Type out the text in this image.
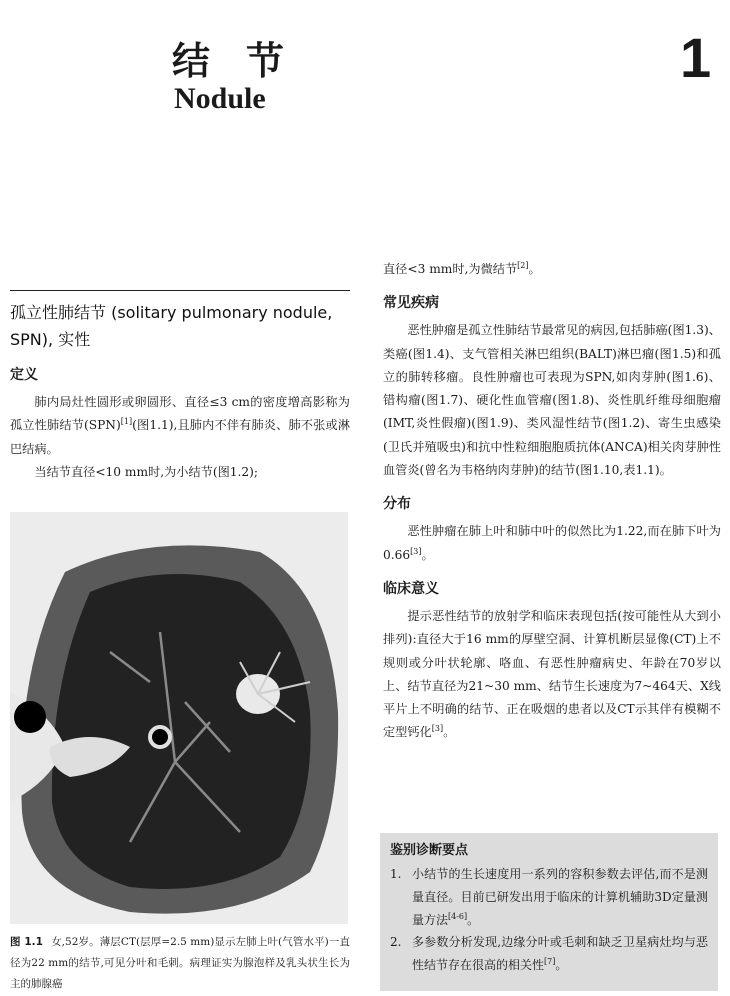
结节
Nodule
1
孤立性肺结节 (solitary pulmonary nodule, SPN), 实性
定义

肺内局灶性圆形或卵圆形、直径≤3 cm的密度增高影称为孤立性肺结节(SPN)[1](图1.1),且肺内不伴有肺炎、肺不张或淋巴结病。

当结节直径<10 mm时,为小结节(图1.2);

图 1.1 女,52岁。薄层CT(层厚=2.5 mm)显示左肺上叶(气管水平)一直径为22 mm的结节,可见分叶和毛刺。病理证实为腺泡样及乳头状生长为主的肺腺癌

直径<3 mm时,为微结节[2]。

常见疾病

恶性肿瘤是孤立性肺结节最常见的病因,包括肺癌(图1.3)、类癌(图1.4)、支气管相关淋巴组织(BALT)淋巴瘤(图1.5)和孤立的肺转移瘤。良性肿瘤也可表现为SPN,如肉芽肿(图1.6)、错构瘤(图1.7)、硬化性血管瘤(图1.8)、炎性肌纤维母细胞瘤(IMT,炎性假瘤)(图1.9)、类风湿性结节(图1.2)、寄生虫感染(卫氏并殖吸虫)和抗中性粒细胞胞质抗体(ANCA)相关肉芽肿性血管炎(曾名为韦格纳肉芽肿)的结节(图1.10,表1.1)。

分布

恶性肿瘤在肺上叶和肺中叶的似然比为1.22,而在肺下叶为0.66[3]。

临床意义

提示恶性结节的放射学和临床表现包括(按可能性从大到小排列):直径大于16 mm的厚壁空洞、计算机断层显像(CT)上不规则或分叶状轮廓、咯血、有恶性肿瘤病史、年龄在70岁以上、结节直径为21~30 mm、结节生长速度为7~464天、X线平片上不明确的结节、正在吸烟的患者以及CT示其伴有模糊不定型钙化[3]。

鉴别诊断要点
1. 小结节的生长速度用一系列的容积参数去评估,而不是测量直径。目前已研发出用于临床的计算机辅助3D定量测量方法[4-6]。
2. 多参数分析发现,边缘分叶或毛刺和缺乏卫星病灶均与恶性结节存在很高的相关性[7]。
